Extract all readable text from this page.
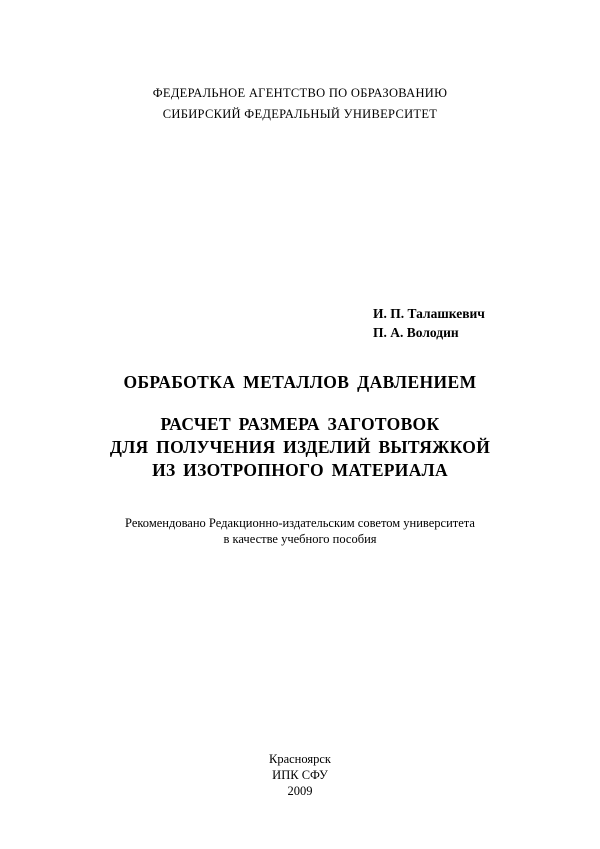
ФЕДЕРАЛЬНОЕ АГЕНТСТВО ПО ОБРАЗОВАНИЮ
СИБИРСКИЙ ФЕДЕРАЛЬНЫЙ УНИВЕРСИТЕТ
И. П. Талашкевич
П. А. Володин
ОБРАБОТКА МЕТАЛЛОВ ДАВЛЕНИЕМ
РАСЧЕТ РАЗМЕРА ЗАГОТОВОК
ДЛЯ ПОЛУЧЕНИЯ ИЗДЕЛИЙ ВЫТЯЖКОЙ
ИЗ ИЗОТРОПНОГО МАТЕРИАЛА
Рекомендовано Редакционно-издательским советом университета
в качестве учебного пособия
Красноярск
ИПК СФУ
2009
